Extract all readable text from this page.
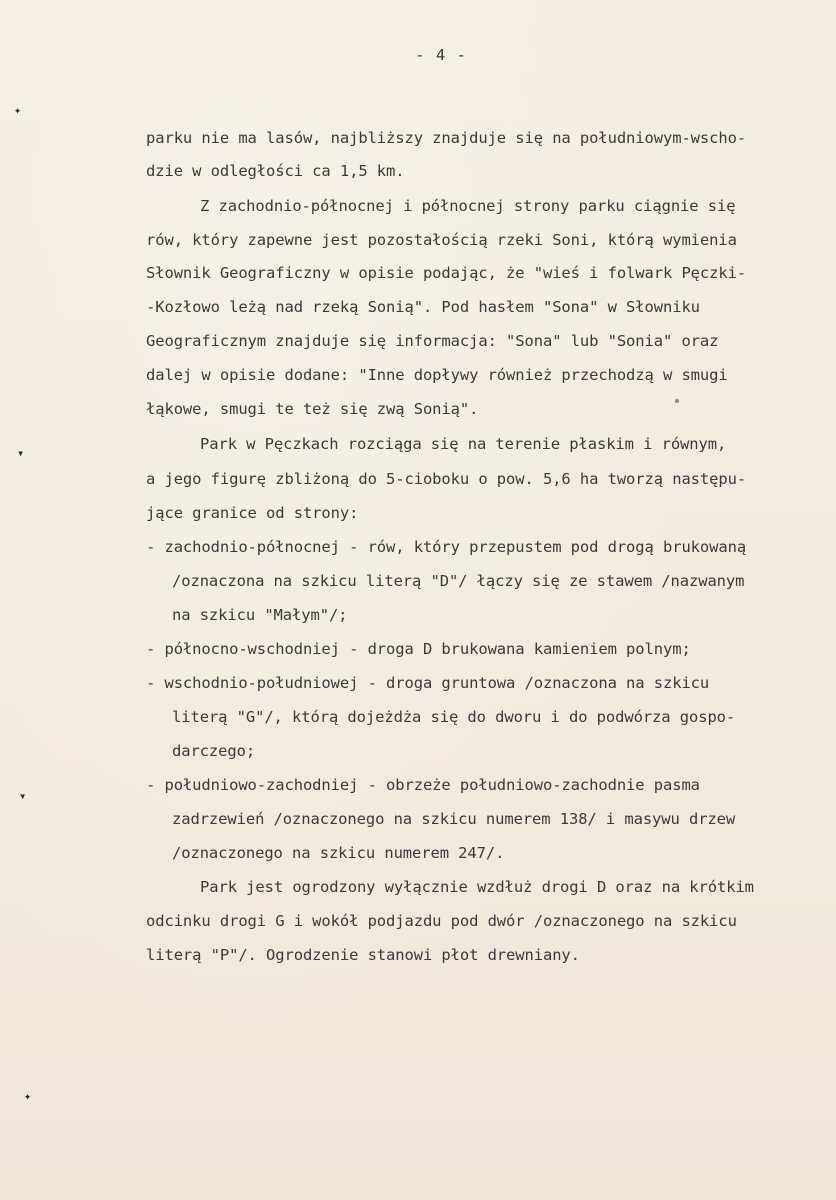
- 4 -
✦
▾
▾
✦
parku nie ma lasów, najbliższy znajduje się na południowym-wscho-
dzie w odległości ca 1,5 km.
Z zachodnio-północnej i północnej strony parku ciągnie się
rów, który zapewne jest pozostałością rzeki Soni, którą wymienia
Słownik Geograficzny w opisie podając, że "wieś i folwark Pęczki-
-Kozłowo leżą nad rzeką Sonią". Pod hasłem "Sona" w Słowniku
Geograficznym znajduje się informacja: "Sona" lub "Sonia" oraz
dalej w opisie dodane: "Inne dopływy również przechodzą w smugi
łąkowe, smugi te też się zwą Sonią".
Park w Pęczkach rozciąga się na terenie płaskim i równym,
a jego figurę zbliżoną do 5-cioboku o pow. 5,6 ha tworzą następu-
jące granice od strony:
- zachodnio-północnej - rów, który przepustem pod drogą brukowaną
/oznaczona na szkicu literą "D"/ łączy się ze stawem /nazwanym
na szkicu "Małym"/;
- północno-wschodniej - droga D brukowana kamieniem polnym;
- wschodnio-południowej - droga gruntowa /oznaczona na szkicu
literą "G"/, którą dojeżdża się do dworu i do podwórza gospo-
darczego;
- południowo-zachodniej - obrzeże południowo-zachodnie pasma
zadrzewień /oznaczonego na szkicu numerem 138/ i masywu drzew
/oznaczonego na szkicu numerem 247/.
Park jest ogrodzony wyłącznie wzdłuż drogi D oraz na krótkim
odcinku drogi G i wokół podjazdu pod dwór /oznaczonego na szkicu
literą "P"/. Ogrodzenie stanowi płot drewniany.
